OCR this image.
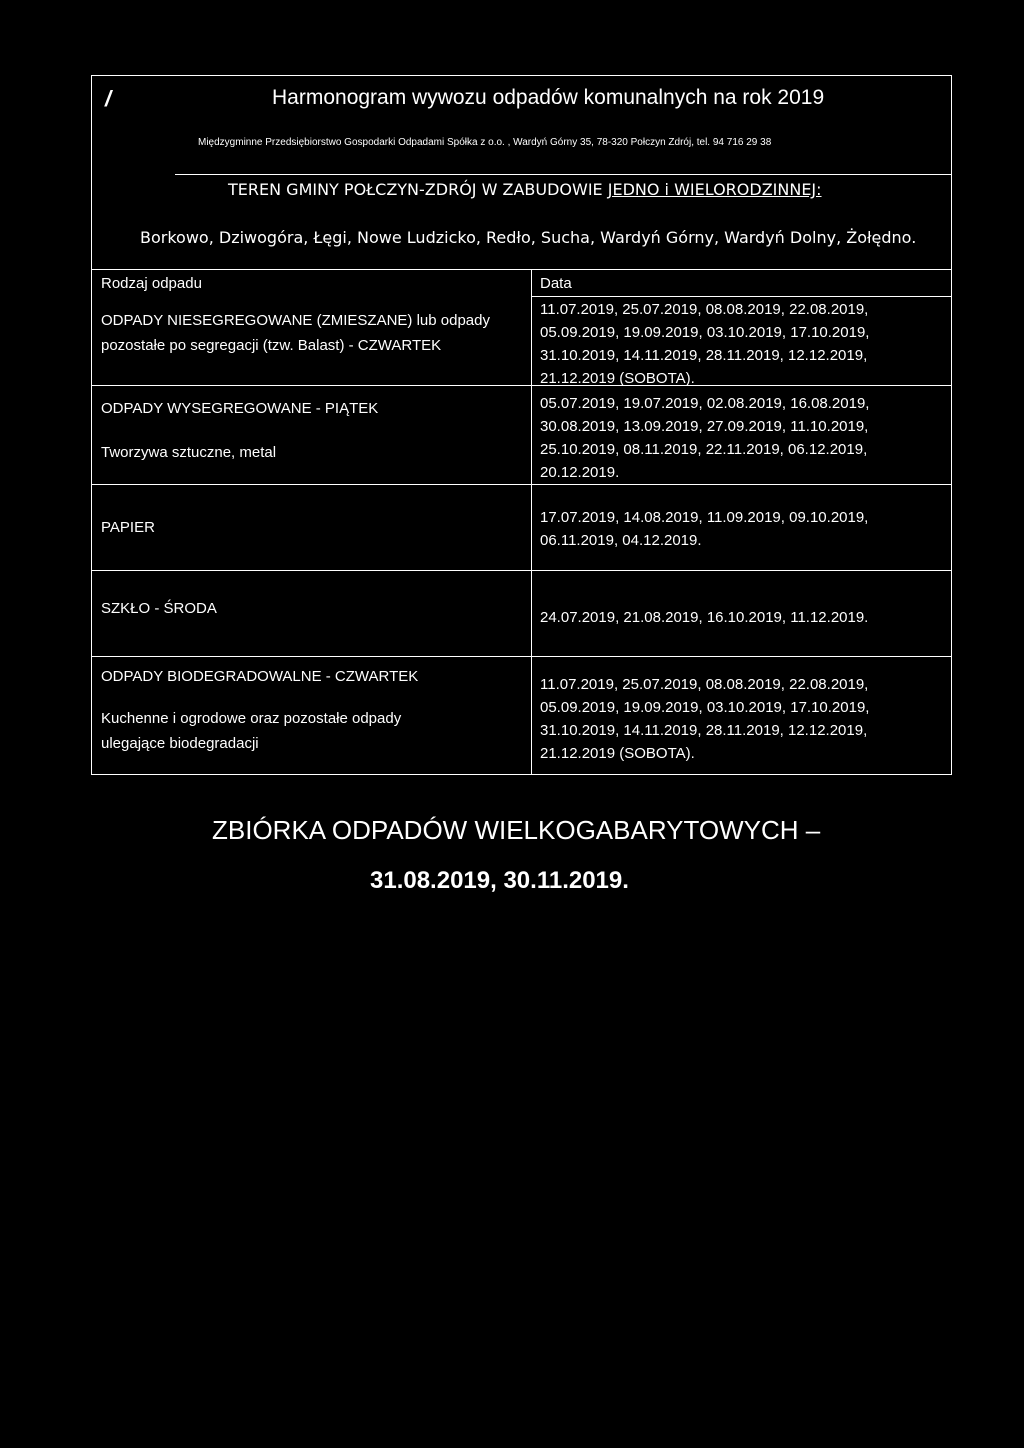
/	Harmonogram wywozu odpadów komunalnych na rok 2019
Międzygminne Przedsiębiorstwo Gospodarki Odpadami Spółka z o.o. , Wardyń Górny 35, 78-320 Połczyn Zdrój, tel. 94 716 29 38
TEREN GMINY POŁCZYN-ZDRÓJ W ZABUDOWIE JEDNO i WIELORODZINNEJ:
Borkowo, Dziwogóra, Łęgi, Nowe Ludzicko, Redło, Sucha, Wardyń Górny, Wardyń Dolny, Żołędno.
Rodzaj odpadu	Data
ODPADY NIESEGREGOWANE (ZMIESZANE) lub odpady
pozostałe po segregacji (tzw. Balast) - CZWARTEK
11.07.2019, 25.07.2019, 08.08.2019, 22.08.2019,
05.09.2019, 19.09.2019, 03.10.2019, 17.10.2019,
31.10.2019, 14.11.2019, 28.11.2019, 12.12.2019,
21.12.2019 (SOBOTA).
ODPADY WYSEGREGOWANE - PIĄTEK
Tworzywa sztuczne, metal
05.07.2019, 19.07.2019, 02.08.2019, 16.08.2019,
30.08.2019, 13.09.2019, 27.09.2019, 11.10.2019,
25.10.2019, 08.11.2019, 22.11.2019, 06.12.2019,
20.12.2019.
PAPIER
17.07.2019, 14.08.2019, 11.09.2019, 09.10.2019,
06.11.2019, 04.12.2019.
SZKŁO - ŚRODA
24.07.2019, 21.08.2019, 16.10.2019, 11.12.2019.
ODPADY BIODEGRADOWALNE - CZWARTEK
Kuchenne i ogrodowe oraz pozostałe odpady
ulegające biodegradacji
11.07.2019, 25.07.2019, 08.08.2019, 22.08.2019,
05.09.2019, 19.09.2019, 03.10.2019, 17.10.2019,
31.10.2019, 14.11.2019, 28.11.2019, 12.12.2019,
21.12.2019 (SOBOTA).
ZBIÓRKA ODPADÓW WIELKOGABARYTOWYCH –
31.08.2019, 30.11.2019.
